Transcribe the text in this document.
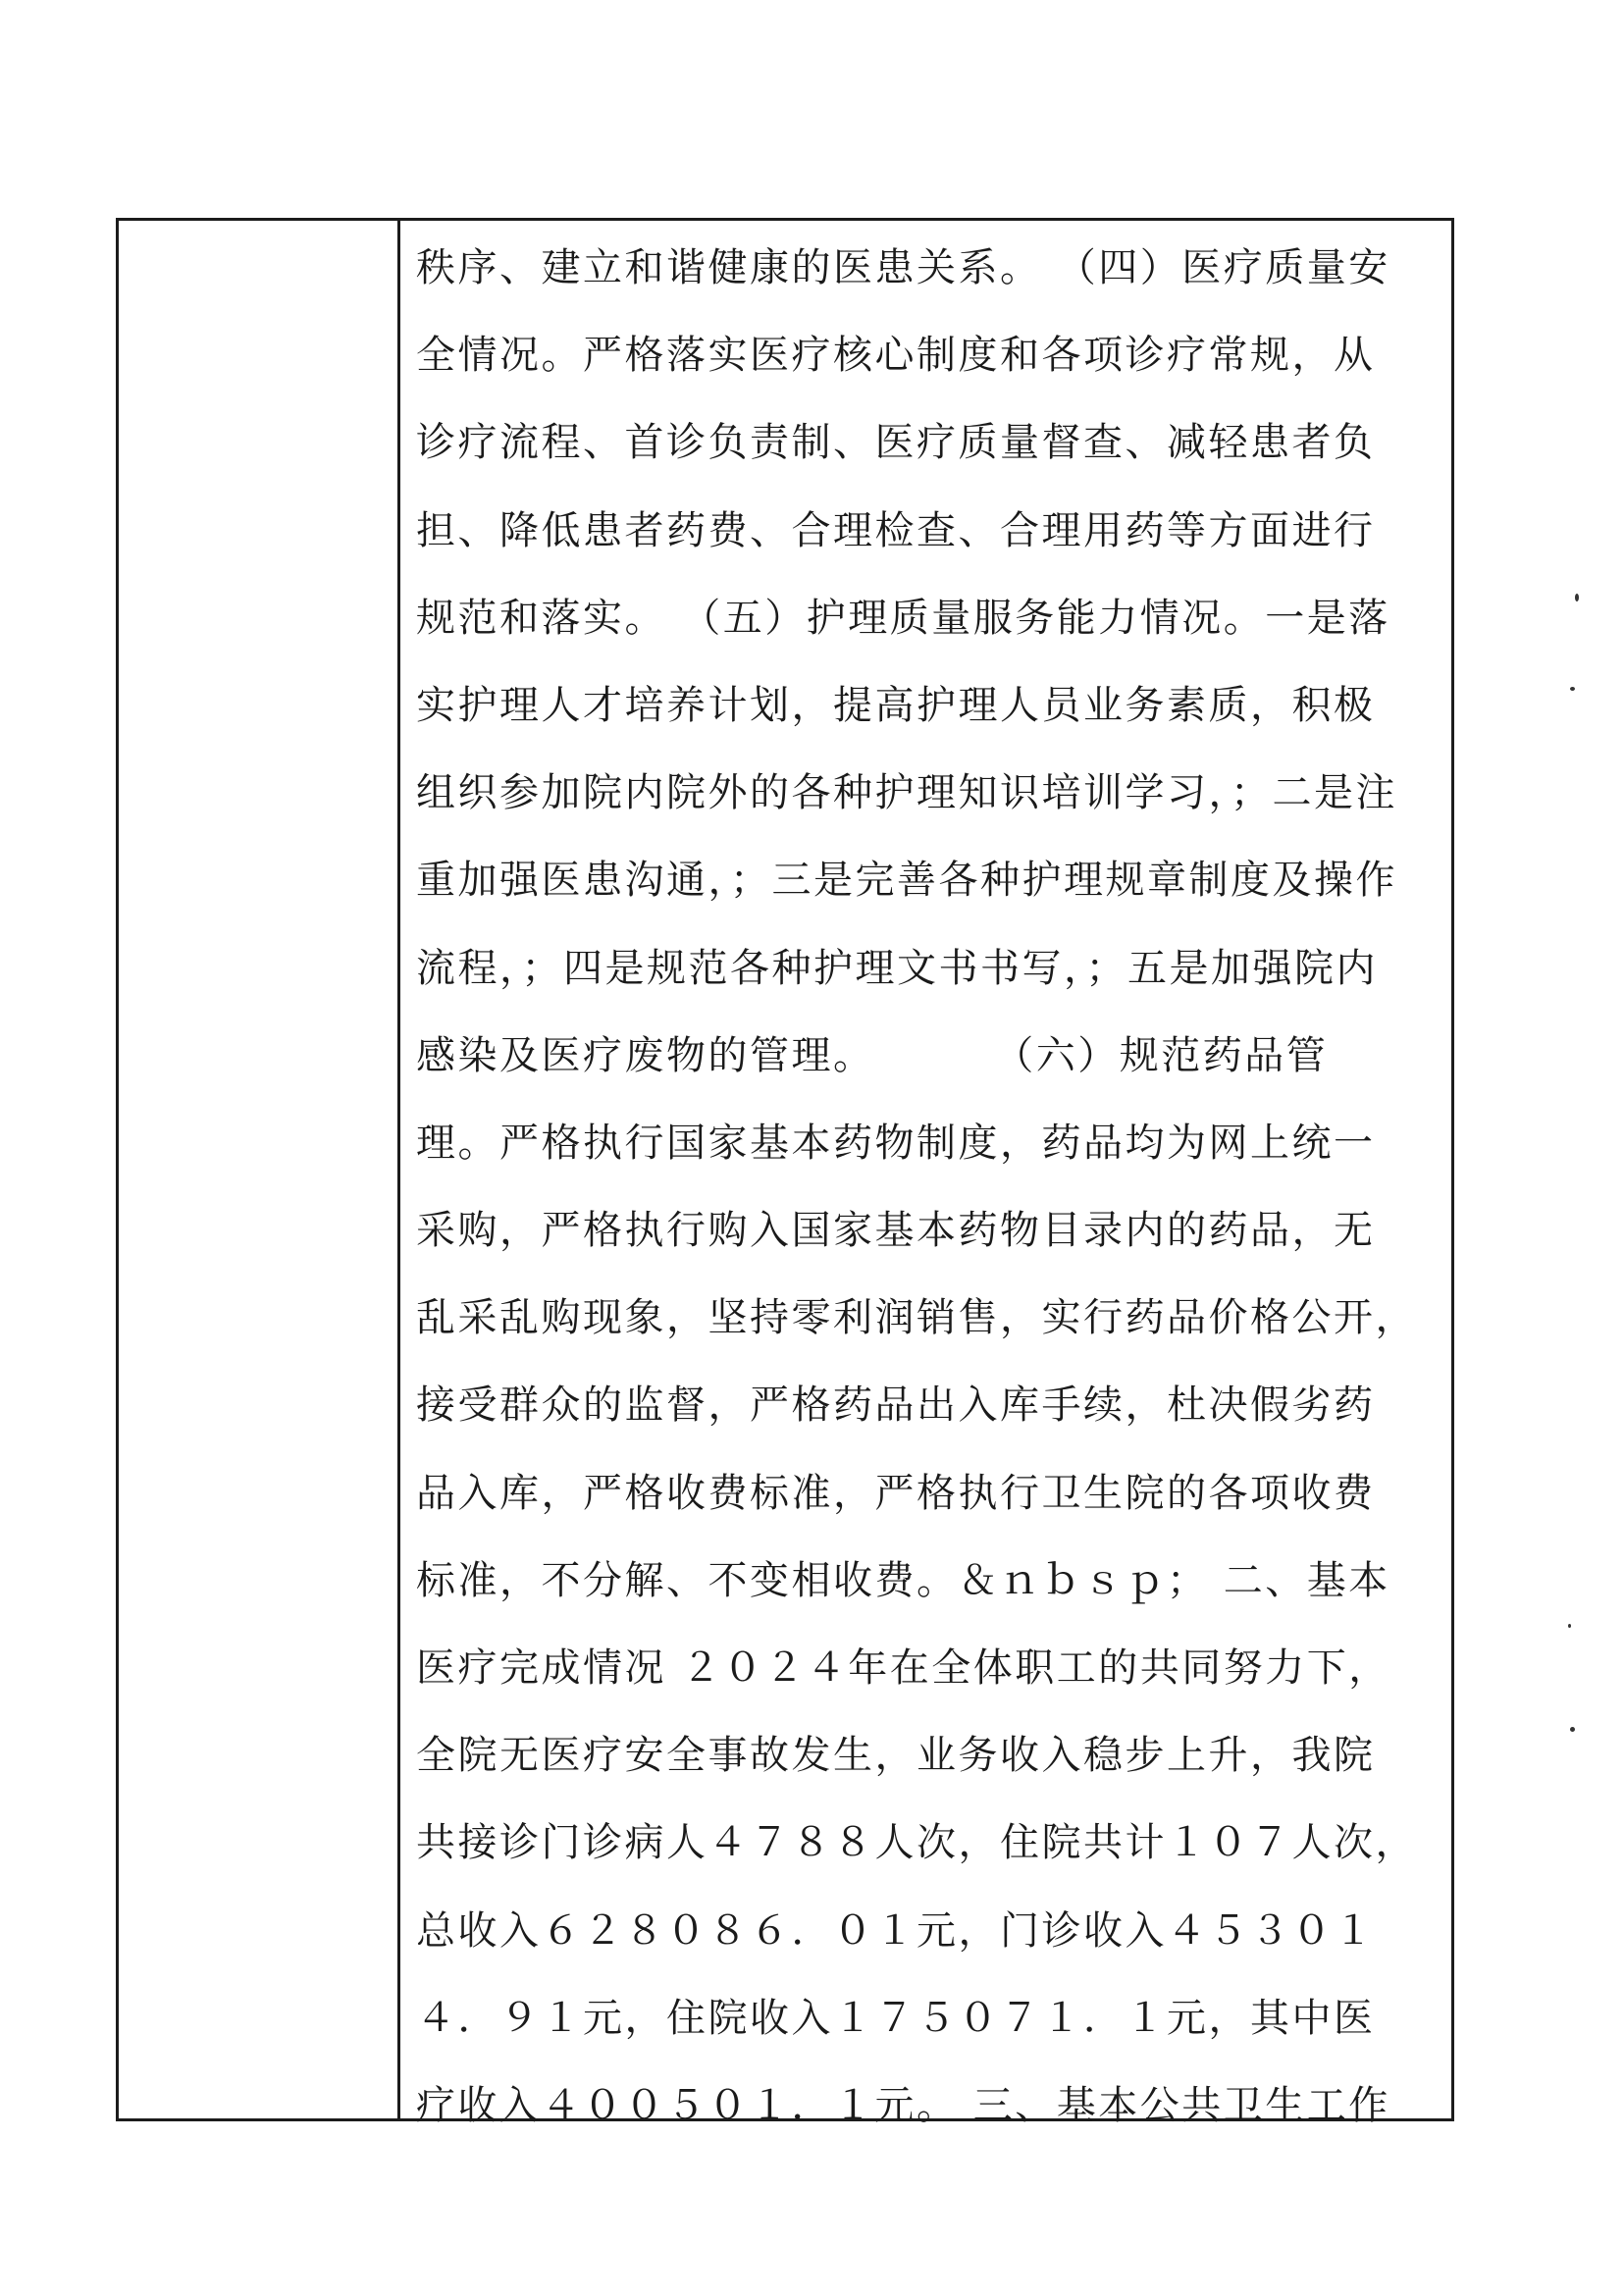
秩序、建立和谐健康的医患关系。 （四）医疗质量安
全情况。严格落实医疗核心制度和各项诊疗常规，从
诊疗流程、首诊负责制、医疗质量督查、减轻患者负
担、降低患者药费、合理检查、合理用药等方面进行
规范和落实。 （五）护理质量服务能力情况。一是落
实护理人才培养计划，提高护理人员业务素质，积极
组织参加院内院外的各种护理知识培训学习，；二是注
重加强医患沟通，；三是完善各种护理规章制度及操作
流程，；四是规范各种护理文书书写，；五是加强院内
感染及医疗废物的管理。        （六）规范药品管
理。严格执行国家基本药物制度，药品均为网上统一
采购，严格执行购入国家基本药物目录内的药品，无
乱采乱购现象，坚持零利润销售，实行药品价格公开，
接受群众的监督，严格药品出入库手续，杜决假劣药
品入库，严格收费标准，严格执行卫生院的各项收费
标准，不分解、不变相收费。＆ｎｂｓｐ； 二、基本
医疗完成情况 ２０２４年在全体职工的共同努力下，
全院无医疗安全事故发生，业务收入稳步上升，我院
共接诊门诊病人４７８８人次，住院共计１０７人次，
总收入６２８０８６．０１元，门诊收入４５３０１
４．９１元，住院收入１７５０７１．１元，其中医
疗收入４００５０１．１元。 三、基本公共卫生工作
